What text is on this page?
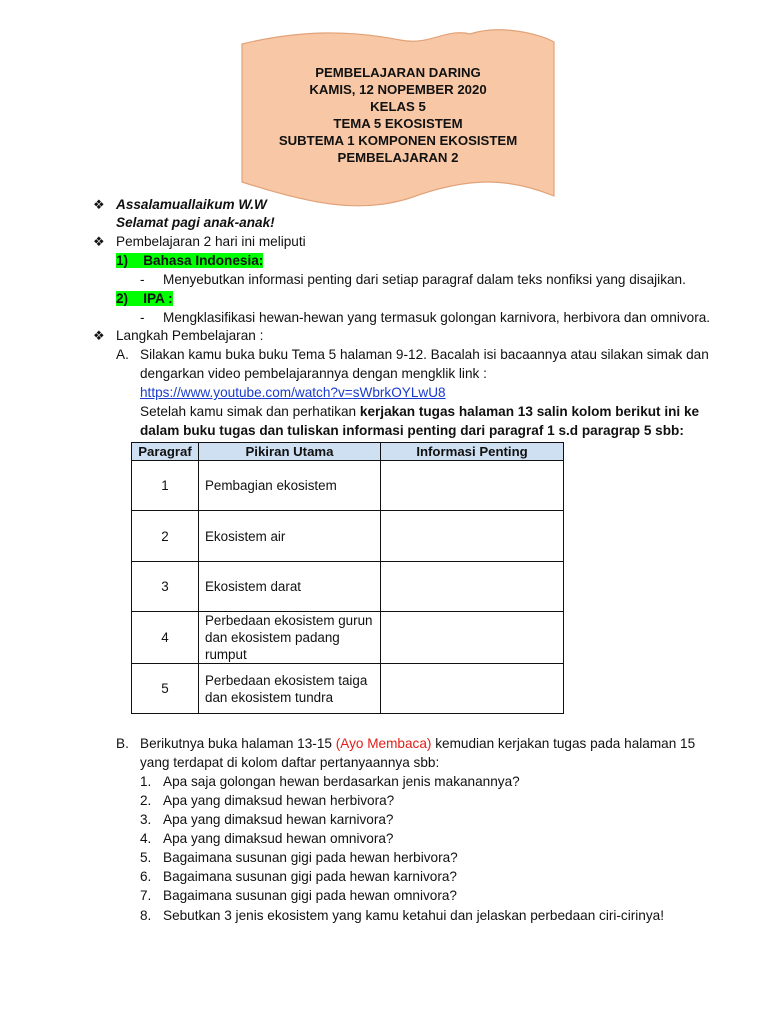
PEMBELAJARAN DARING
KAMIS, 12 NOPEMBER 2020
KELAS 5
TEMA 5 EKOSISTEM
SUBTEMA 1 KOMPONEN EKOSISTEM
PEMBELAJARAN 2
❖ Assalamuallaikum W.W
Selamat pagi anak-anak!
❖ Pembelajaran 2 hari ini meliputi
1) Bahasa Indonesia:
- Menyebutkan informasi penting dari setiap paragraf dalam teks nonfiksi yang disajikan.
2) IPA :
- Mengklasifikasi hewan-hewan yang termasuk golongan karnivora, herbivora dan omnivora.
❖ Langkah Pembelajaran :
A. Silakan kamu buka buku Tema 5 halaman 9-12. Bacalah isi bacaannya atau silakan simak dan
dengarkan video pembelajarannya dengan mengklik link :
https://www.youtube.com/watch?v=sWbrkOYLwU8
Setelah kamu simak dan perhatikan kerjakan tugas halaman 13 salin kolom berikut ini ke
dalam buku tugas dan tuliskan informasi penting dari paragraf 1 s.d paragrap 5 sbb:
Paragraf	Pikiran Utama	Informasi Penting
1	Pembagian ekosistem	
2	Ekosistem air	
3	Ekosistem darat	
4	Perbedaan ekosistem gurun dan ekosistem padang rumput	
5	Perbedaan ekosistem taiga dan ekosistem tundra	
B. Berikutnya buka halaman 13-15 (Ayo Membaca) kemudian kerjakan tugas pada halaman 15
yang terdapat di kolom daftar pertanyaannya sbb:
1. Apa saja golongan hewan berdasarkan jenis makanannya?
2. Apa yang dimaksud hewan herbivora?
3. Apa yang dimaksud hewan karnivora?
4. Apa yang dimaksud hewan omnivora?
5. Bagaimana susunan gigi pada hewan herbivora?
6. Bagaimana susunan gigi pada hewan karnivora?
7. Bagaimana susunan gigi pada hewan omnivora?
8. Sebutkan 3 jenis ekosistem yang kamu ketahui dan jelaskan perbedaan ciri-cirinya!
